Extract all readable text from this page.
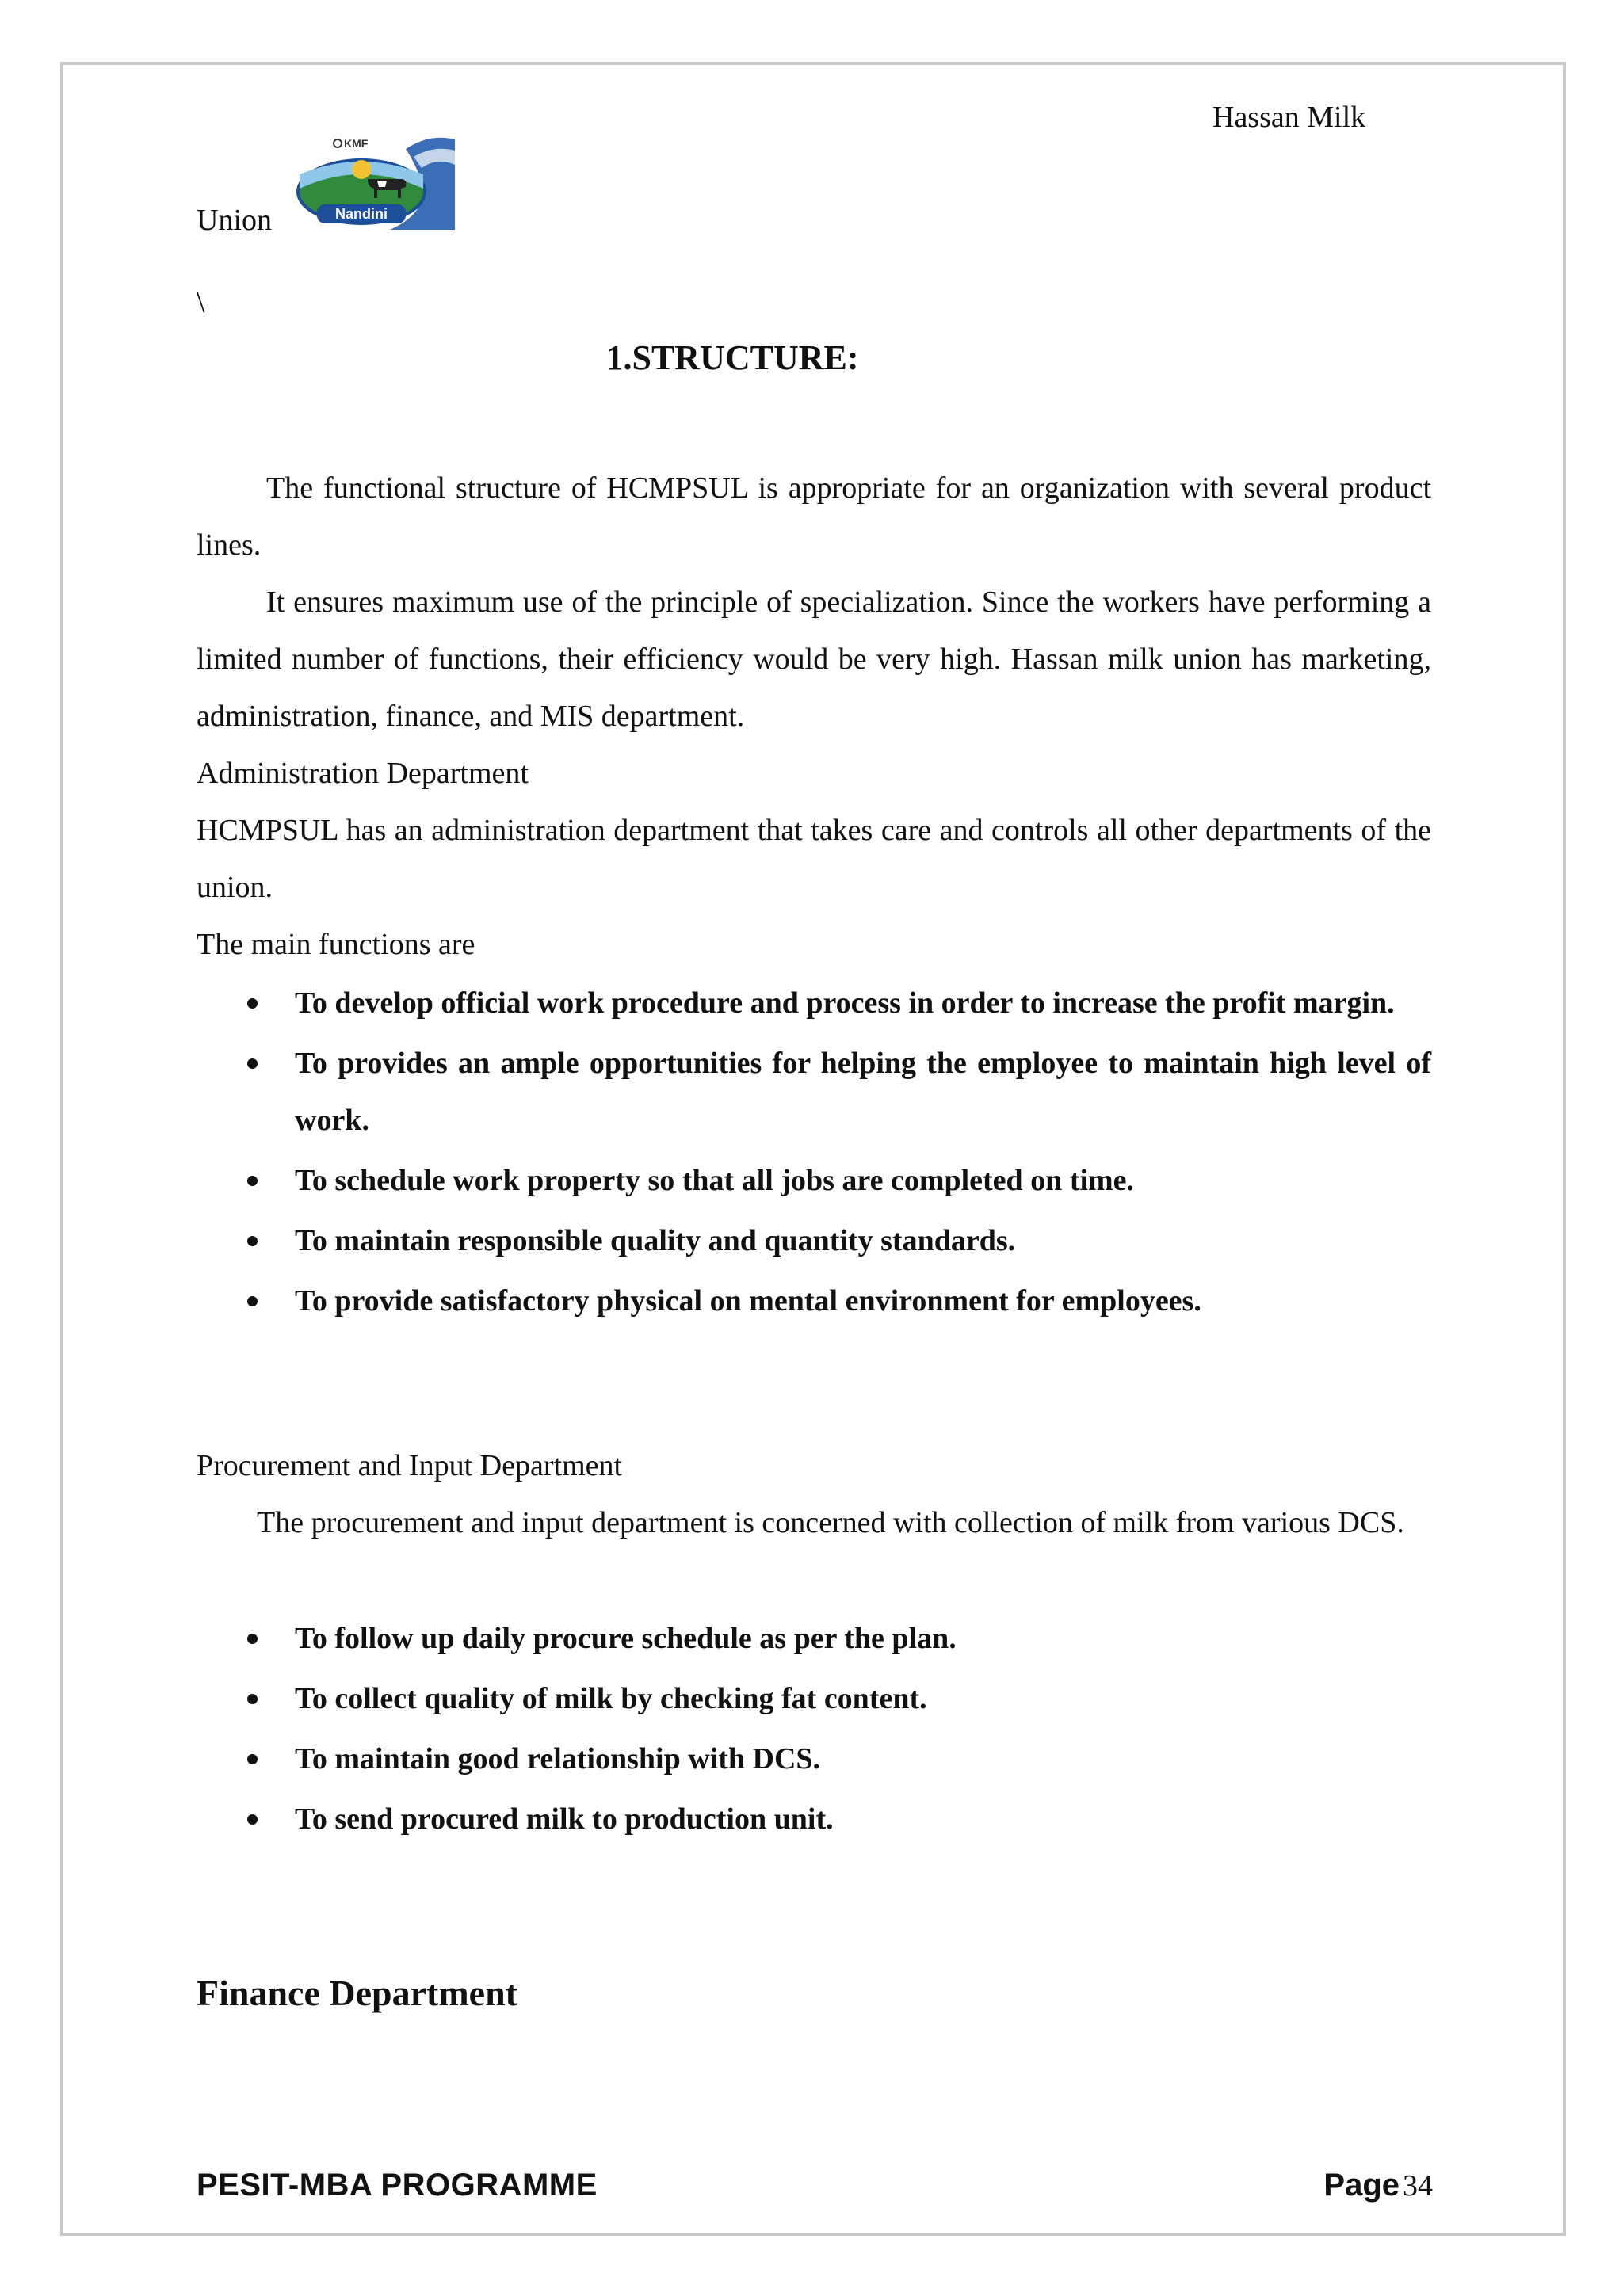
Hassan Milk
Union	Nandini
KMF
\
1.STRUCTURE:
The functional structure of HCMPSUL is appropriate for an organization with several product lines.
It ensures maximum use of the principle of specialization. Since the workers have performing a limited number of functions, their efficiency would be very high. Hassan milk union has marketing, administration, finance, and MIS department.
Administration Department
HCMPSUL has an administration department that takes care and controls all other departments of the union.
The main functions are
To develop official work procedure and process in order to increase the profit margin.
To provides an ample opportunities for helping the employee to maintain high level of work.
To schedule work property so that all jobs are completed on time.
To maintain responsible quality and quantity standards.
To provide satisfactory physical on mental environment for employees.
Procurement and Input Department
The procurement and input department is concerned with collection of milk from various DCS.
To follow up daily procure schedule as per the plan.
To collect quality of milk by checking fat content.
To maintain good relationship with DCS.
To send procured milk to production unit.
Finance Department
PESIT-MBA PROGRAMME	Page 34
